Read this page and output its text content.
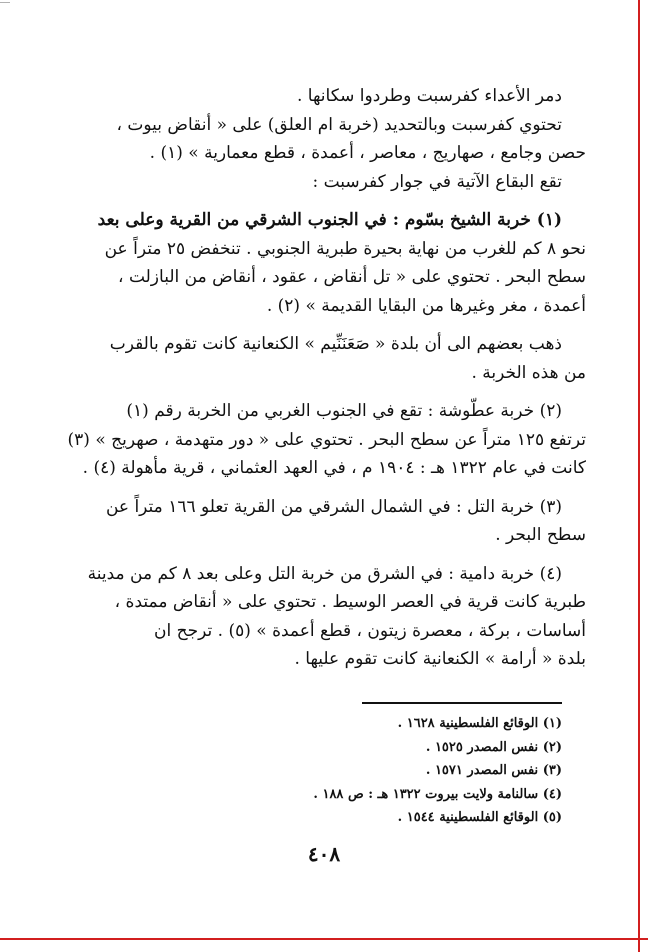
دمر الأعداء كفرسبت وطردوا سكانها .
تحتوي كفرسبت وبالتحديد (خربة ام العلق) على « أنقاض بيوت ،
حصن وجامع ، صهاريج ، معاصر ، أعمدة ، قطع معمارية » (١) .
تقع البقاع الآتية في جوار كفرسبت :
(١) خربة الشيخ بسّوم : في الجنوب الشرقي من القرية وعلى بعد
نحو ٨ كم للغرب من نهاية بحيرة طبرية الجنوبي . تنخفض ٢٥ متراً عن
سطح البحر . تحتوي على « تل أنقاض ، عقود ، أنقاض من البازلت ،
أعمدة ، مغر وغيرها من البقايا القديمة » (٢) .
ذهب بعضهم الى أن بلدة « صَعَنَنِّيم » الكنعانية كانت تقوم بالقرب
من هذه الخربة .
(٢) خربة عطّوشة : تقع في الجنوب الغربي من الخربة رقم (١)
ترتفع ١٢٥ متراً عن سطح البحر . تحتوي على « دور متهدمة ، صهريج » (٣)
كانت في عام ١٣٢٢ هـ : ١٩٠٤ م ، في العهد العثماني ، قرية مأهولة (٤) .
(٣) خربة التل : في الشمال الشرقي من القرية تعلو ١٦٦ متراً عن
سطح البحر .
(٤) خربة دامية : في الشرق من خربة التل وعلى بعد ٨ كم من مدينة
طبرية كانت قرية في العصر الوسيط . تحتوي على « أنقاض ممتدة ،
أساسات ، بركة ، معصرة زيتون ، قطع أعمدة » (٥) . ترجح ان
بلدة « أرامة » الكنعانية كانت تقوم عليها .
(١) الوقائع الفلسطينية ١٦٢٨ .
(٢) نفس المصدر ١٥٢٥ .
(٣) نفس المصدر ١٥٧١ .
(٤) سالنامة ولايت بيروت ١٣٢٢ هـ : ص ١٨٨ .
(٥) الوقائع الفلسطينية ١٥٤٤ .
٤٠٨
